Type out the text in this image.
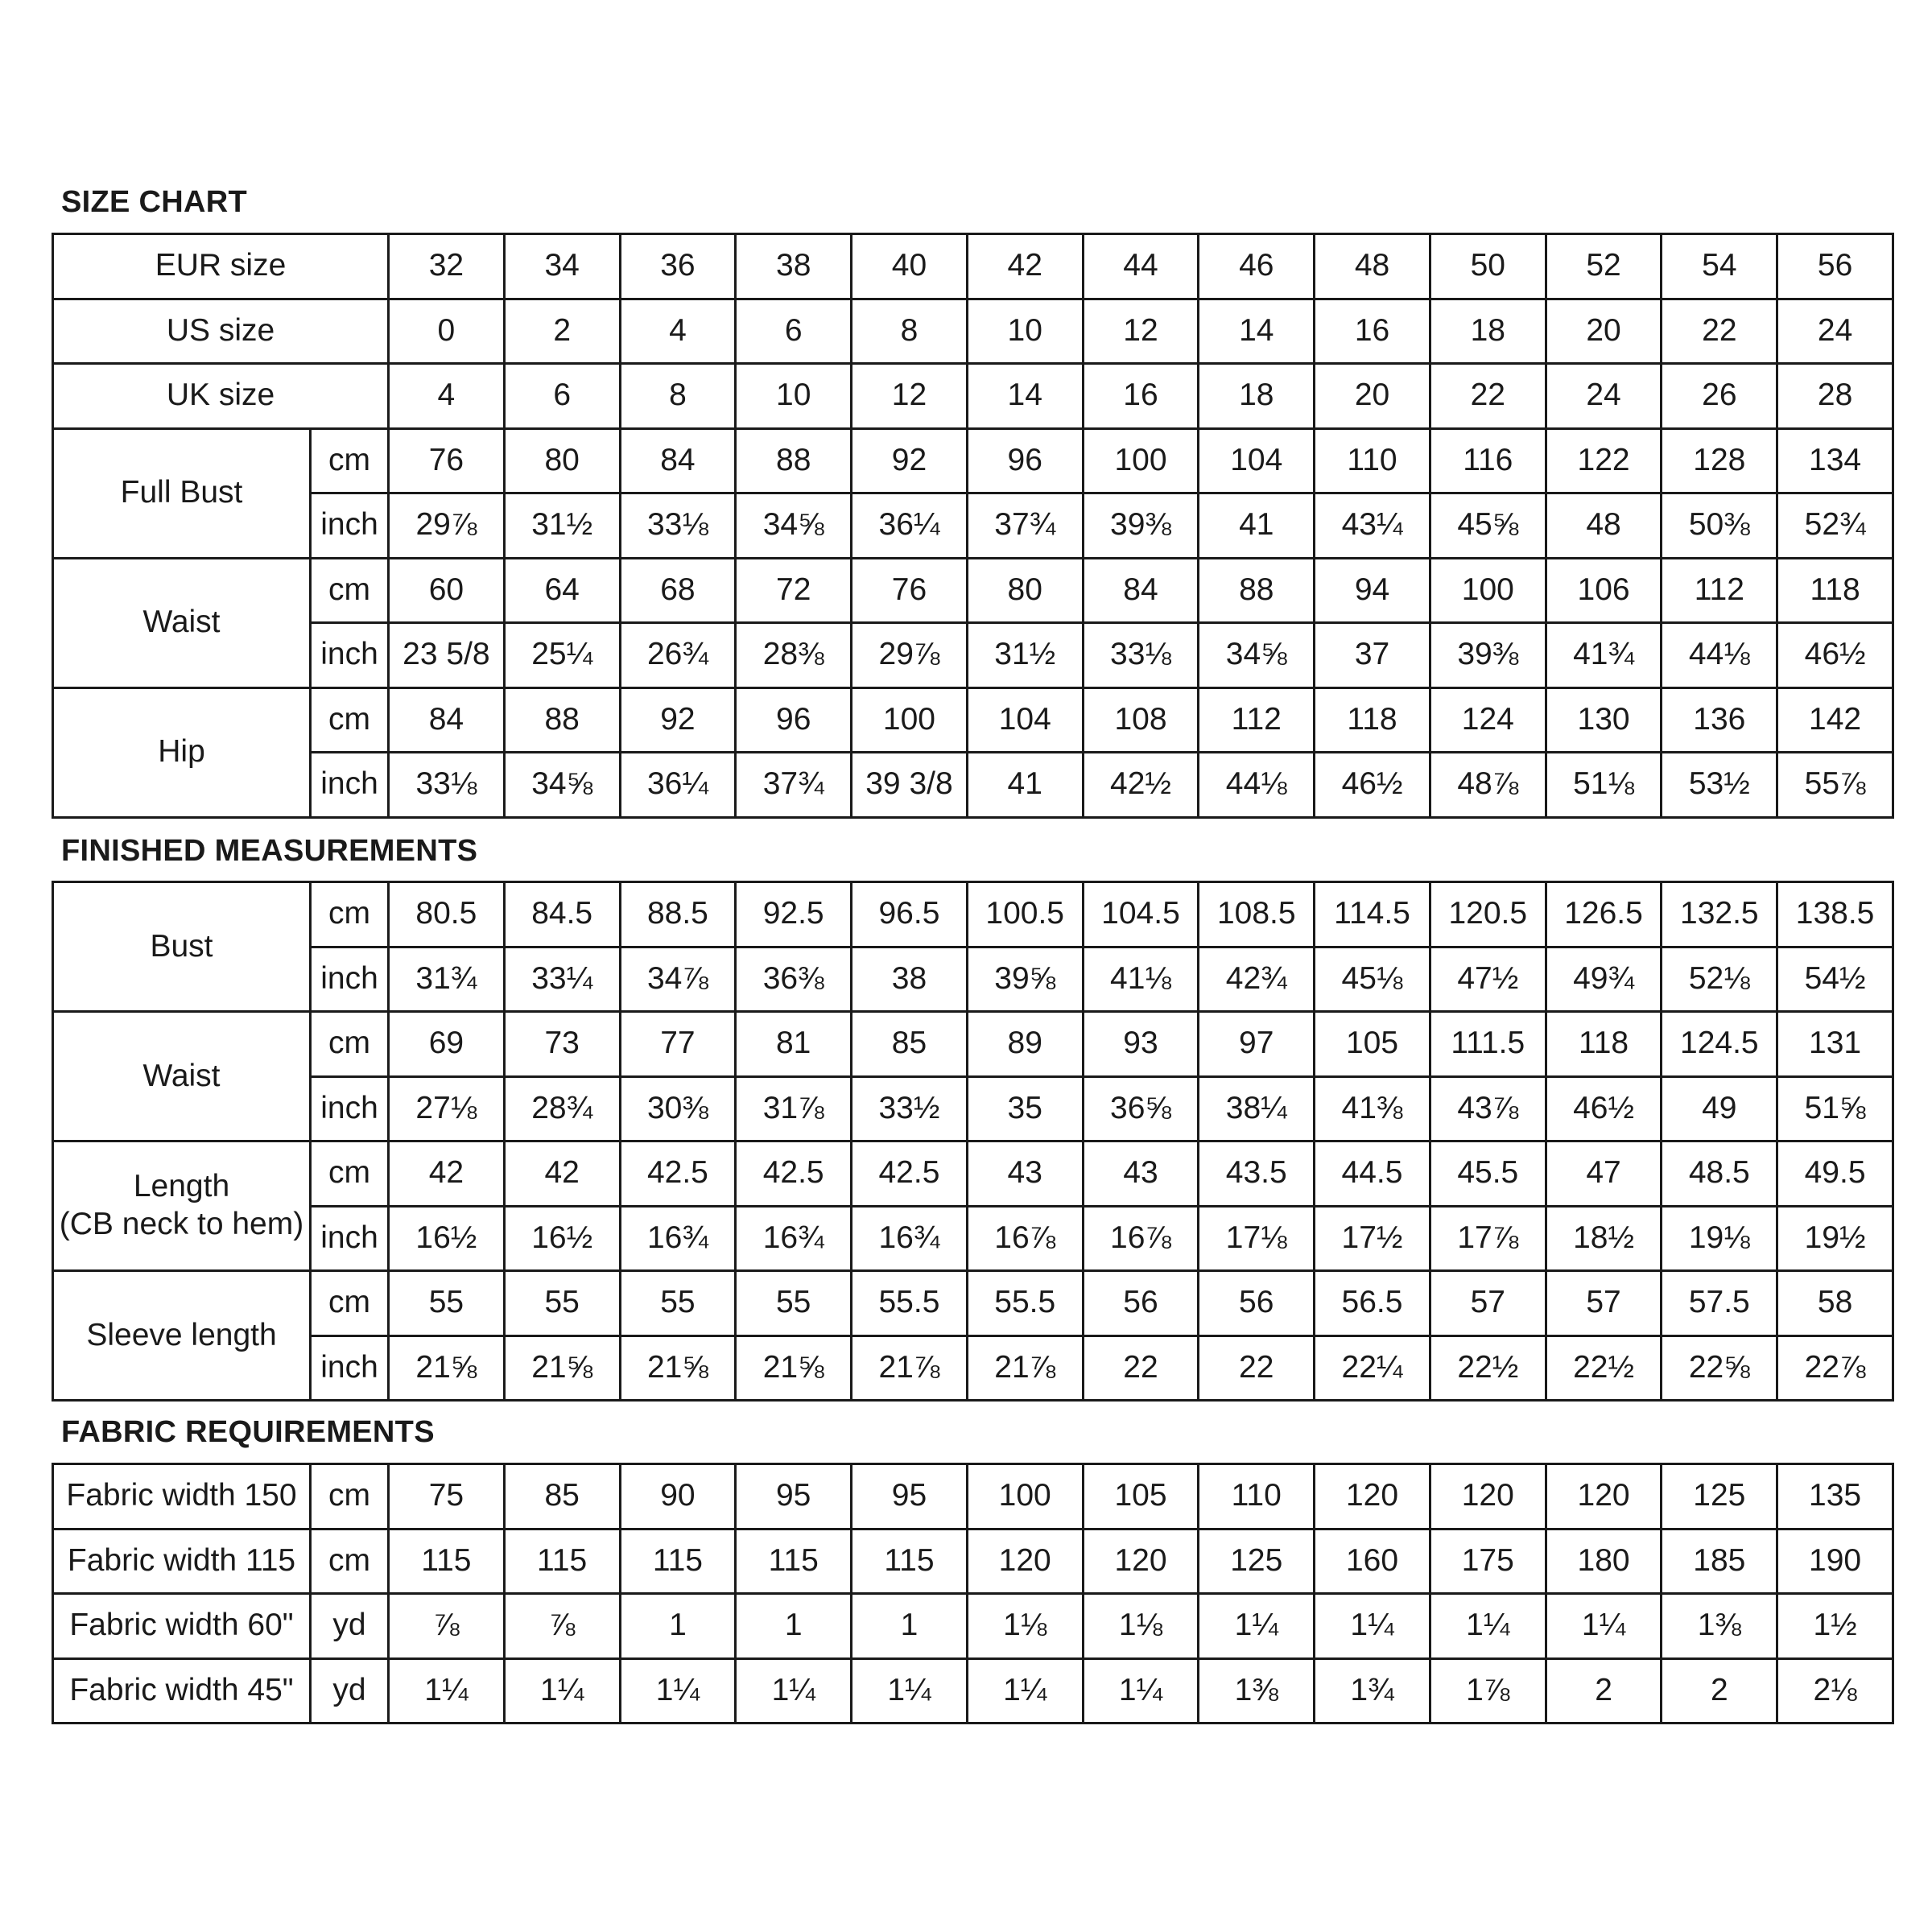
SIZE CHART
EUR size		32	34	36	38	40	42	44	46	48	50	52	54	56
US size		0	2	4	6	8	10	12	14	16	18	20	22	24
UK size		4	6	8	10	12	14	16	18	20	22	24	26	28
Full Bust	cm	76	80	84	88	92	96	100	104	110	116	122	128	134
	inch	29⅞	31½	33⅛	34⅝	36¼	37¾	39⅜	41	43¼	45⅝	48	50⅜	52¾
Waist	cm	60	64	68	72	76	80	84	88	94	100	106	112	118
	inch	23 5/8	25¼	26¾	28⅜	29⅞	31½	33⅛	34⅝	37	39⅜	41¾	44⅛	46½
Hip	cm	84	88	92	96	100	104	108	112	118	124	130	136	142
	inch	33⅛	34⅝	36¼	37¾	39 3/8	41	42½	44⅛	46½	48⅞	51⅛	53½	55⅞
FINISHED MEASUREMENTS
Bust	cm	80.5	84.5	88.5	92.5	96.5	100.5	104.5	108.5	114.5	120.5	126.5	132.5	138.5
	inch	31¾	33¼	34⅞	36⅜	38	39⅝	41⅛	42¾	45⅛	47½	49¾	52⅛	54½
Waist	cm	69	73	77	81	85	89	93	97	105	111.5	118	124.5	131
	inch	27⅛	28¾	30⅜	31⅞	33½	35	36⅝	38¼	41⅜	43⅞	46½	49	51⅝
Length
(CB neck to hem)	cm	42	42	42.5	42.5	42.5	43	43	43.5	44.5	45.5	47	48.5	49.5
	inch	16½	16½	16¾	16¾	16¾	16⅞	16⅞	17⅛	17½	17⅞	18½	19⅛	19½
Sleeve length	cm	55	55	55	55	55.5	55.5	56	56	56.5	57	57	57.5	58
	inch	21⅝	21⅝	21⅝	21⅝	21⅞	21⅞	22	22	22¼	22½	22½	22⅝	22⅞
FABRIC REQUIREMENTS
Fabric width 150	cm	75	85	90	95	95	100	105	110	120	120	120	125	135
Fabric width 115	cm	115	115	115	115	115	120	120	125	160	175	180	185	190
Fabric width 60"	yd	⅞	⅞	1	1	1	1⅛	1⅛	1¼	1¼	1¼	1¼	1⅜	1½
Fabric width 45"	yd	1¼	1¼	1¼	1¼	1¼	1¼	1¼	1⅜	1¾	1⅞	2	2	2⅛
